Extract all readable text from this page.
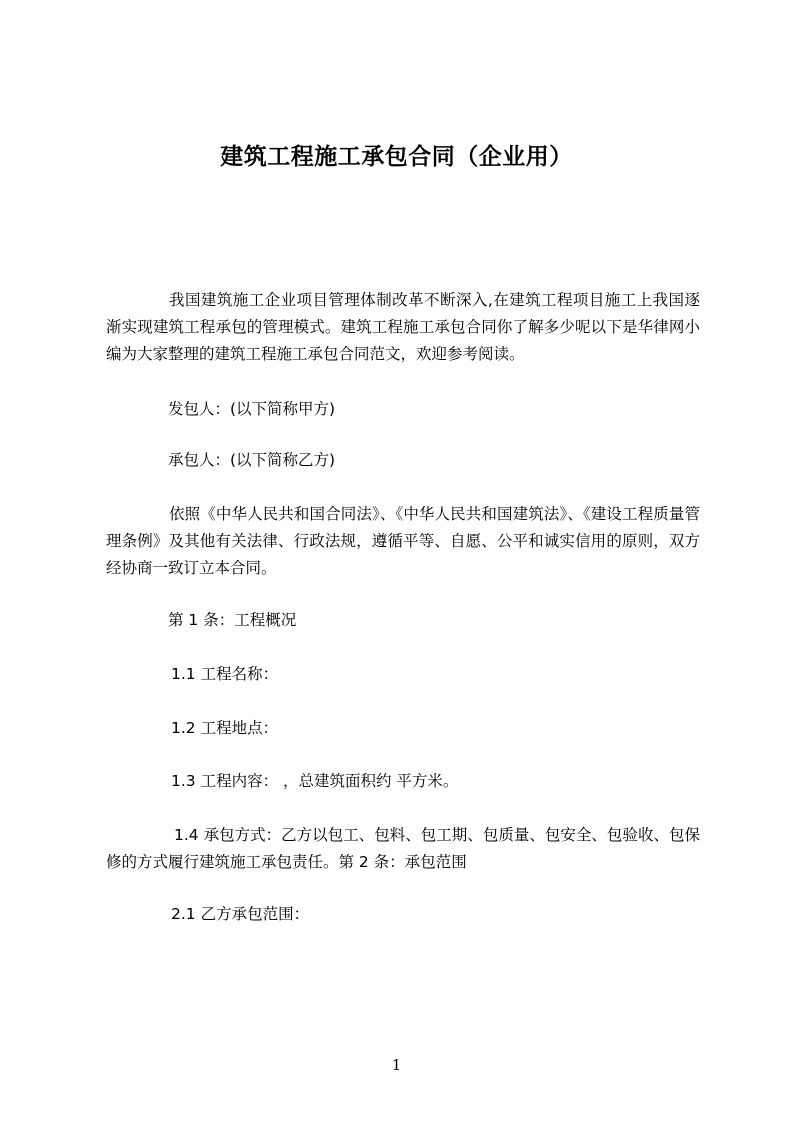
建筑工程施工承包合同（企业用）
我国建筑施工企业项目管理体制改革不断深入,在建筑工程项目施工上我国逐渐实现建筑工程承包的管理模式。建筑工程施工承包合同你了解多少呢以下是华律网小编为大家整理的建筑工程施工承包合同范文，欢迎参考阅读。
发包人：(以下简称甲方)
承包人：(以下简称乙方)
依照《中华人民共和国合同法》、《中华人民共和国建筑法》、《建设工程质量管理条例》及其他有关法律、行政法规，遵循平等、自愿、公平和诚实信用的原则，双方经协商一致订立本合同。
第 1 条：工程概况
1.1 工程名称：
1.2 工程地点：
1.3 工程内容： ，总建筑面积约 平方米。
1.4 承包方式：乙方以包工、包料、包工期、包质量、包安全、包验收、包保修的方式履行建筑施工承包责任。第 2 条：承包范围
2.1 乙方承包范围：
1
